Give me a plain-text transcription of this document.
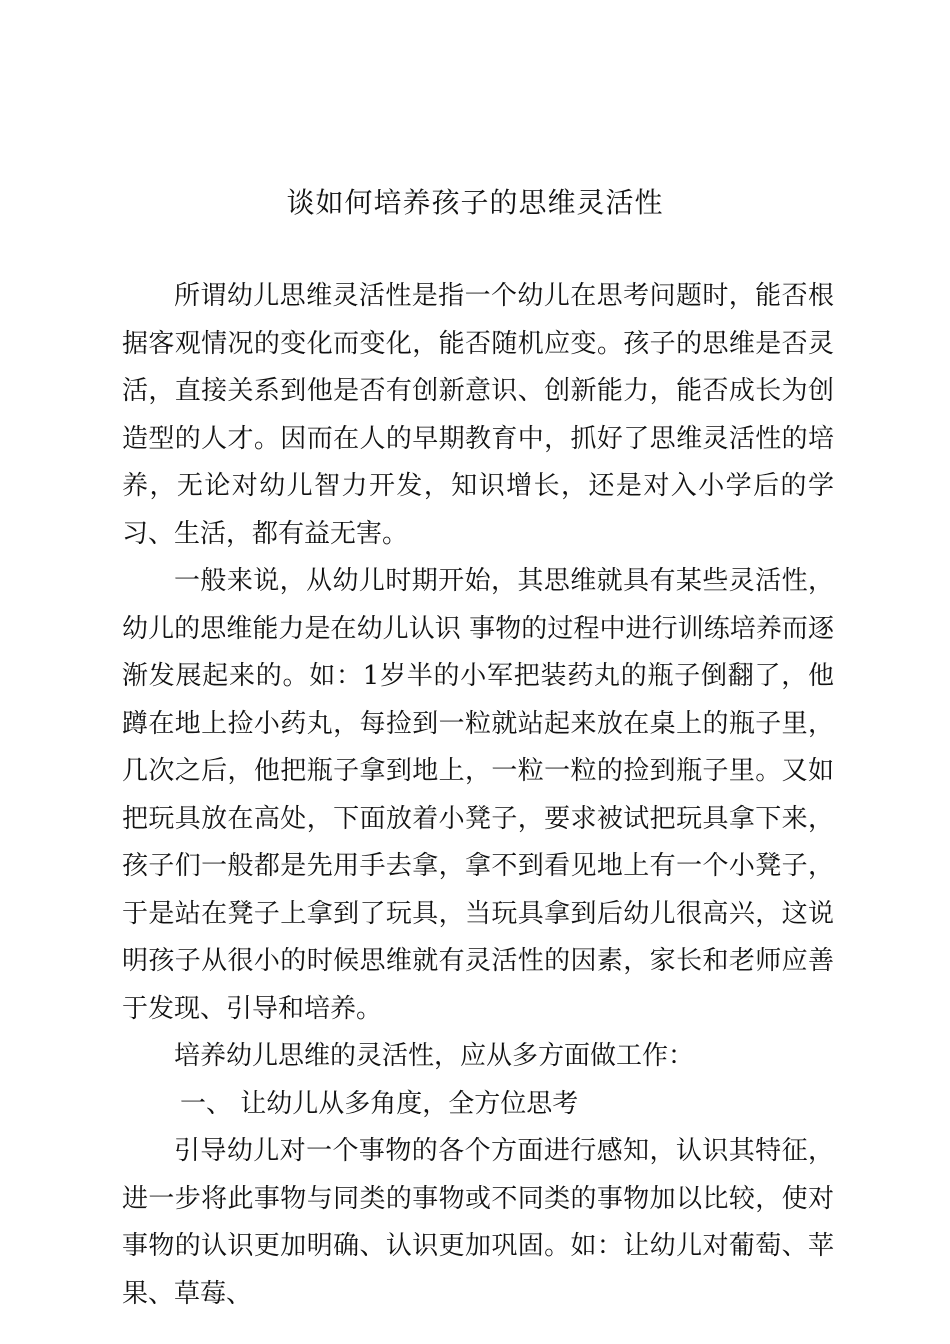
谈如何培养孩子的思维灵活性

所谓幼儿思维灵活性是指一个幼儿在思考问题时，能否根据客观情况的变化而变化，能否随机应变。孩子的思维是否灵活，直接关系到他是否有创新意识、创新能力，能否成长为创造型的人才。因而在人的早期教育中，抓好了思维灵活性的培养，无论对幼儿智力开发，知识增长，还是对入小学后的学习、生活，都有益无害。

一般来说，从幼儿时期开始，其思维就具有某些灵活性，幼儿的思维能力是在幼儿认识 事物的过程中进行训练培养而逐渐发展起来的。如：1岁半的小军把装药丸的瓶子倒翻了，他蹲在地上捡小药丸，每捡到一粒就站起来放在桌上的瓶子里，几次之后，他把瓶子拿到地上，一粒一粒的捡到瓶子里。又如把玩具放在高处，下面放着小凳子，要求被试把玩具拿下来，孩子们一般都是先用手去拿，拿不到看见地上有一个小凳子，于是站在凳子上拿到了玩具，当玩具拿到后幼儿很高兴，这说明孩子从很小的时候思维就有灵活性的因素，家长和老师应善于发现、引导和培养。

培养幼儿思维的灵活性，应从多方面做工作：

一、 让幼儿从多角度，全方位思考

引导幼儿对一个事物的各个方面进行感知，认识其特征，进一步将此事物与同类的事物或不同类的事物加以比较，使对事物的认识更加明确、认识更加巩固。如：让幼儿对葡萄、苹果、草莓、
